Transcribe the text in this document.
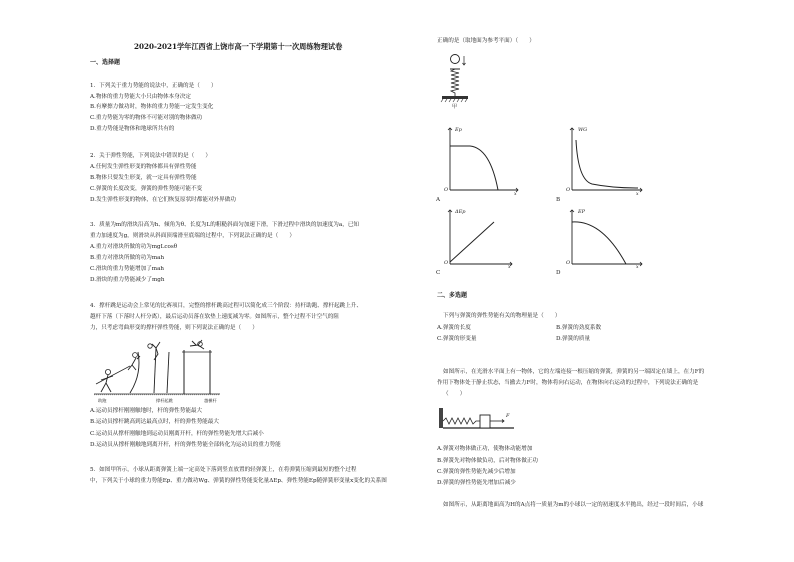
2020-2021学年江西省上饶市高一下学期第十一次周练物理试卷
一、选择题
1．下列关于重力势能的说法中，正确的是（　　）
A.物体的重力势能大小只由物体本身决定
B.有摩擦力做功时，物体的重力势能一定发生变化
C.重力势能为零的物体不可能对别的物体做功
D.重力势能是物体和地球所共有的
2．关于弹性势能，下列说法中错误的是（　　）
A.任何发生弹性形变的物体都具有弹性势能
B.物体只要发生形变，就一定具有弹性势能
C.弹簧的长度改变，弹簧的弹性势能可能不变
D.发生弹性形变的物体，在它们恢复原状时都能对外界做功
3．质量为m的滑块沿高为h、倾角为θ、长度为L的粗糙斜面匀加速下滑，下滑过程中滑块的加速度为a，已知
重力加速度为g，则滑块从斜面顶端滑至底端的过程中，下列说法正确的是（　　）
A.重力对滑块所做的功为mgLcosθ
B.重力对滑块所做的功为mah
C.滑块的重力势能增加了mah
D.滑块的重力势能减少了mgh
4．撑杆跳是运动会上常见的比赛项目，完整的撑杆跳高过程可以简化成三个阶段：持杆助跑、撑杆起跳上升、
越杆下落（下落时人杆分离），最后运动员落在软垫上速度减为零。如图所示，整个过程不计空气的阻
力，只考虑弯曲形变的撑杆弹性势能，则下列说法正确的是（　　）
助跑	撑杆起跳	越横杆
A.运动员撑杆刚刚触地时，杆的弹性势能最大
B.运动员撑杆跳高到达最高点时，杆的弹性势能最大
C.运动员从撑杆刚触地到运动员刚离开杆，杆的弹性势能先增大后减小
D.运动员从撑杆刚触地到离开杆，杆的弹性势能全部转化为运动员的重力势能
5．如图甲所示，小球从距离弹簧上端一定高处下落到竖直放置的轻弹簧上，在将弹簧压缩到最短的整个过程
中，下列关于小球的重力势能Ep、重力做功Wg、弹簧的弹性势能变化量ΔEp、弹性势能Ep随弹簧形变量x变化的关系图
正确的是（取地面为参考平面）（　　）
甲
Ep
O
x
A
WG
O
x
B
ΔEp
O
x
C
EP
O
x
D
二、多选题
下列与弹簧的弹性势能有关的物理量是（　　）
A.弹簧的长度	B.弹簧的劲度系数
C.弹簧的形变量	D.弹簧的质量
如图所示，在光滑水平面上有一物体，它的左端连接一根压缩的弹簧，弹簧的另一端固定在墙上，在力F的
作用下物体处于静止状态，当撤去力F时，物体将向右运动，在物体向右运动的过程中，下列说法正确的是
（　　）
F
A.弹簧对物体做正功，使物体动能增加
B.弹簧先对物体做负功，后对物体做正功
C.弹簧的弹性势能先减少后增加
D.弹簧的弹性势能先增加后减少
如图所示，从距离地面高为H的A点将一质量为m的小球以一定的初速度水平抛出，经过一段时间后，小球
